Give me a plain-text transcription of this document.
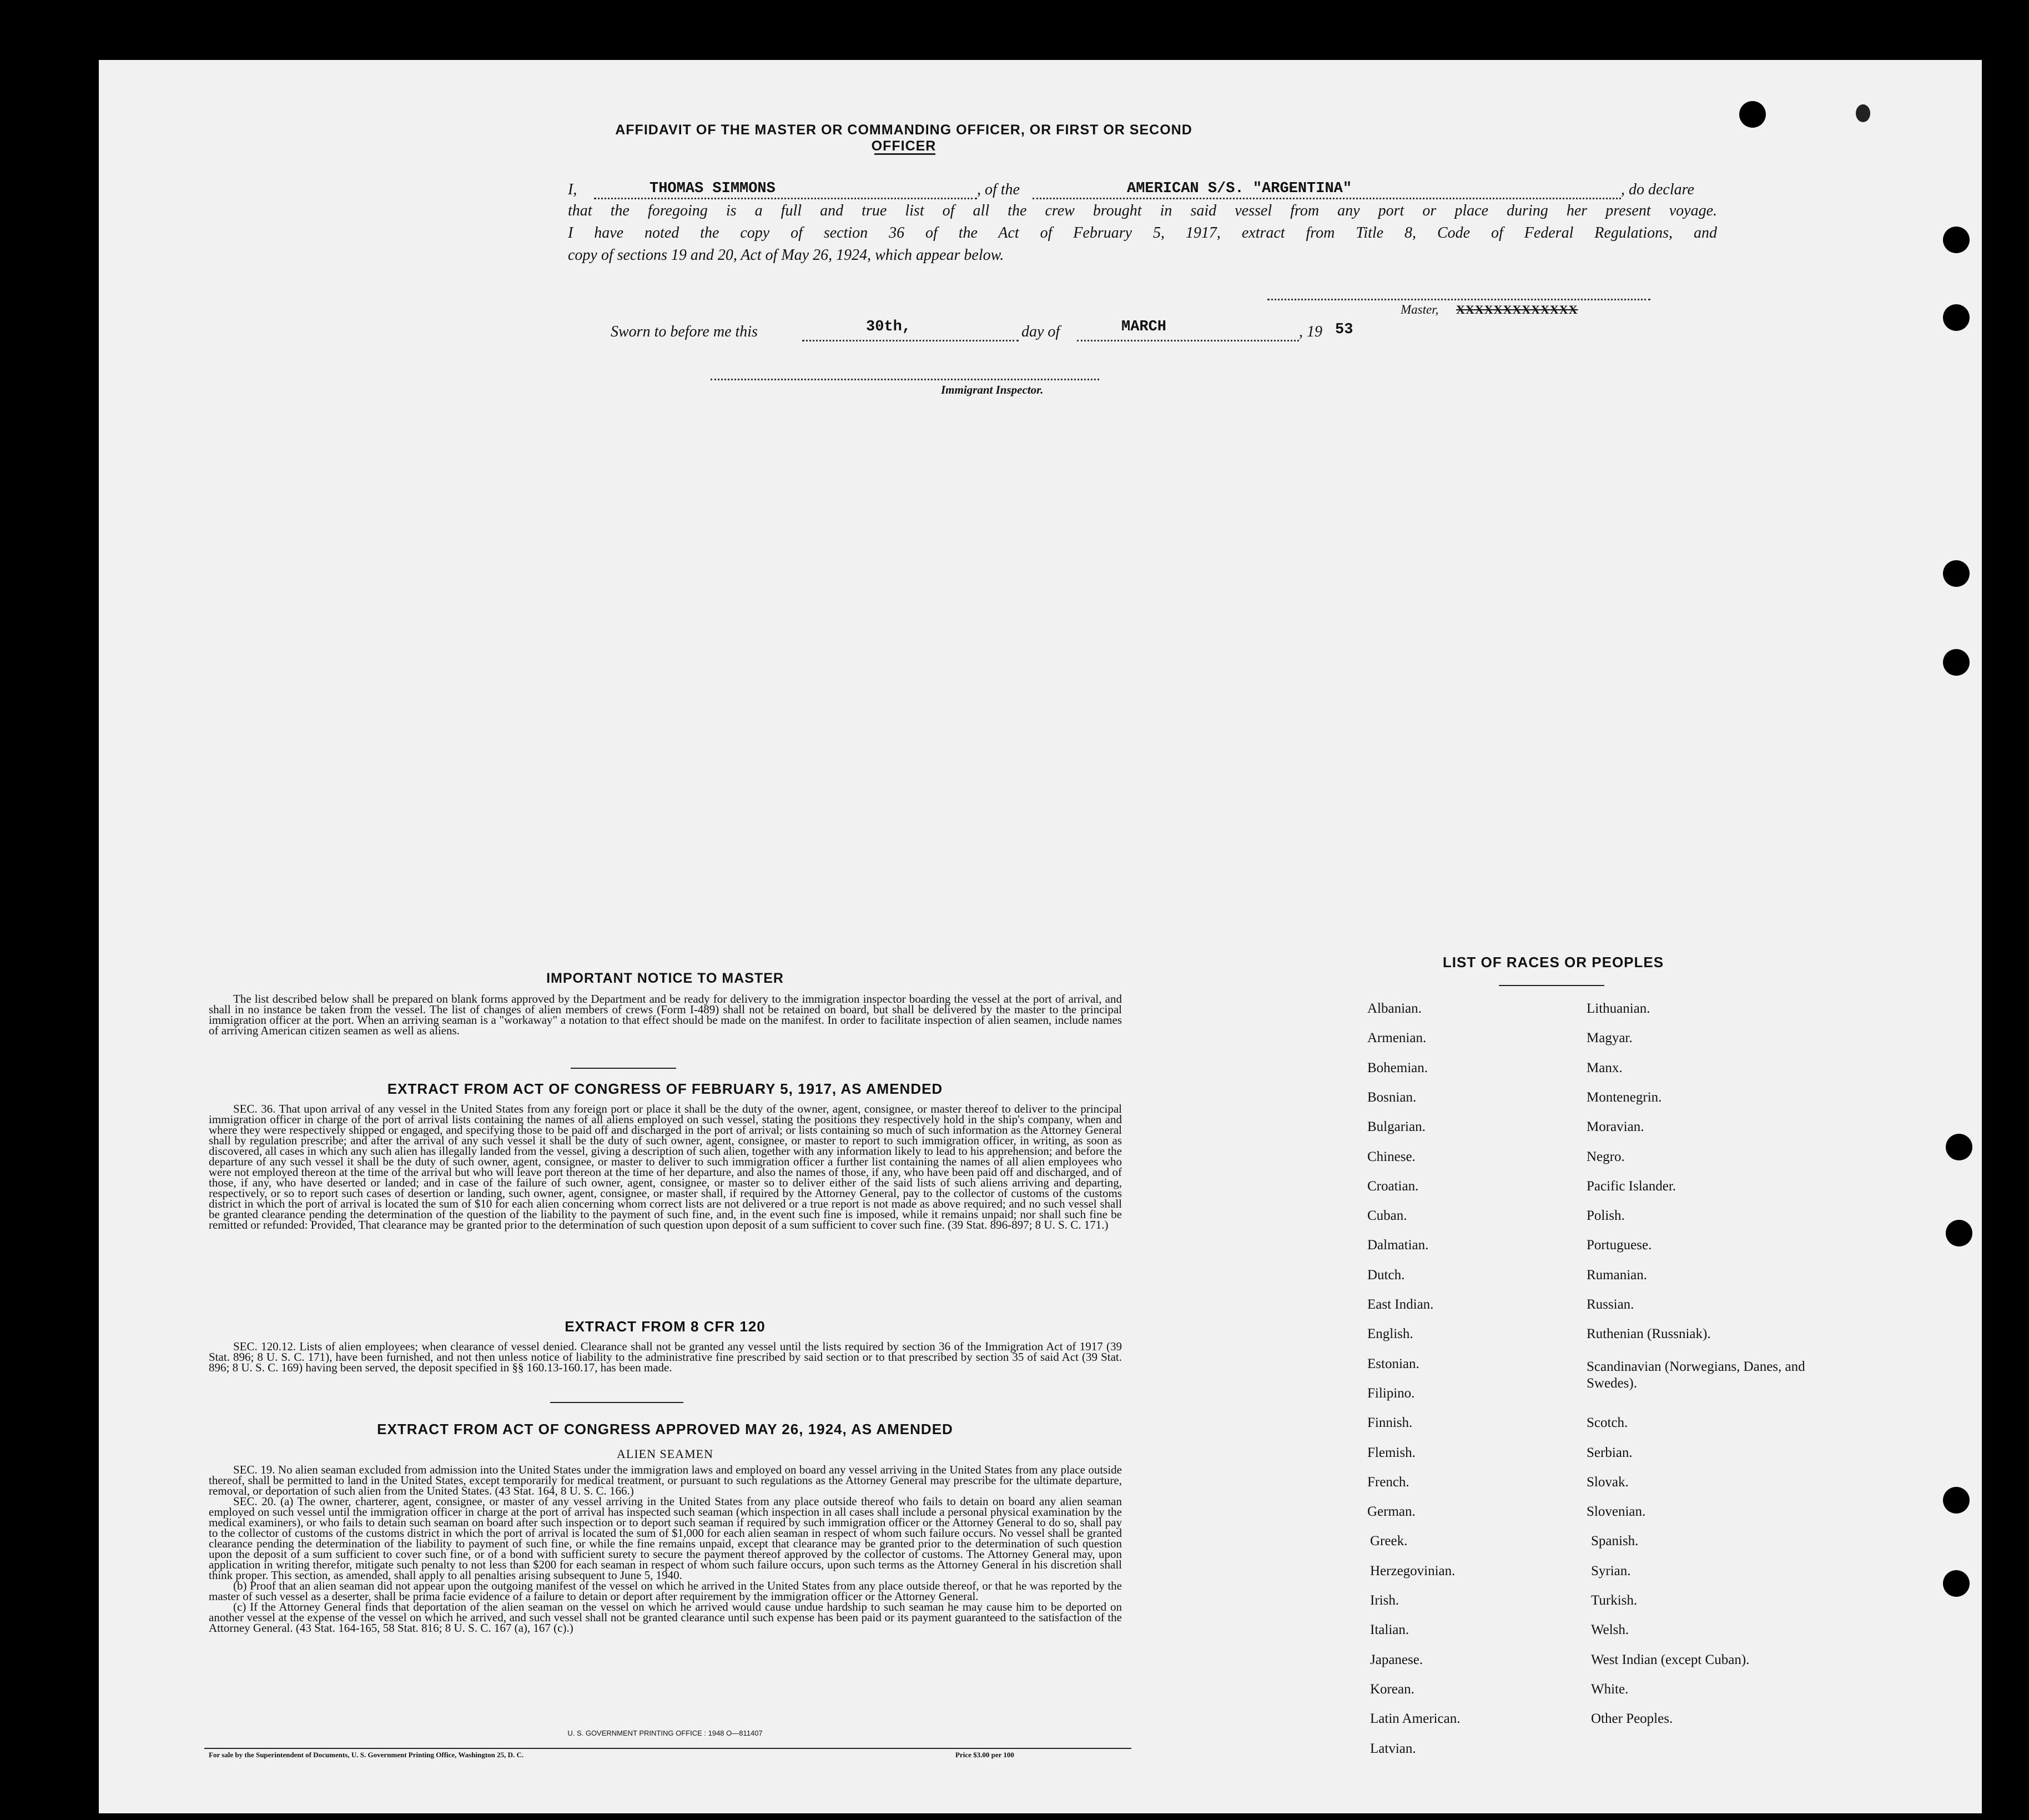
AFFIDAVIT OF THE MASTER OR COMMANDING OFFICER, OR FIRST OR SECOND OFFICER
I,	THOMAS SIMMONS	, of the	AMERICAN S/S. "ARGENTINA"	, do declare
that the foregoing is a full and true list of all the crew brought in said vessel from any port or place during her present voyage.
I have noted the copy of section 36 of the Act of February 5, 1917, extract from Title 8, Code of Federal Regulations, and
copy of sections 19 and 20, Act of May 26, 1924, which appear below.
Master, XXXXXXXXXXXXX
Sworn to before me this	30th,	day of	MARCH	, 19 53
Immigrant Inspector.
IMPORTANT NOTICE TO MASTER

The list described below shall be prepared on blank forms approved by the Department and be ready for delivery to the immigration inspector boarding the vessel at the port of arrival, and shall in no instance be taken from the vessel. The list of changes of alien members of crews (Form I-489) shall not be retained on board, but shall be delivered by the master to the principal immigration officer at the port. When an arriving seaman is a "workaway" a notation to that effect should be made on the manifest. In order to facilitate inspection of alien seamen, include names of arriving American citizen seamen as well as aliens.

EXTRACT FROM ACT OF CONGRESS OF FEBRUARY 5, 1917, AS AMENDED

SEC. 36. That upon arrival of any vessel in the United States from any foreign port or place it shall be the duty of the owner, agent, consignee, or master thereof to deliver to the principal immigration officer in charge of the port of arrival lists containing the names of all aliens employed on such vessel, stating the positions they respectively hold in the ship's company, when and where they were respectively shipped or engaged, and specifying those to be paid off and discharged in the port of arrival; or lists containing so much of such information as the Attorney General shall by regulation prescribe; and after the arrival of any such vessel it shall be the duty of such owner, agent, consignee, or master to report to such immigration officer, in writing, as soon as discovered, all cases in which any such alien has illegally landed from the vessel, giving a description of such alien, together with any information likely to lead to his apprehension; and before the departure of any such vessel it shall be the duty of such owner, agent, consignee, or master to deliver to such immigration officer a further list containing the names of all alien employees who were not employed thereon at the time of the arrival but who will leave port thereon at the time of her departure, and also the names of those, if any, who have been paid off and discharged, and of those, if any, who have deserted or landed; and in case of the failure of such owner, agent, consignee, or master so to deliver either of the said lists of such aliens arriving and departing, respectively, or so to report such cases of desertion or landing, such owner, agent, consignee, or master shall, if required by the Attorney General, pay to the collector of customs of the customs district in which the port of arrival is located the sum of $10 for each alien concerning whom correct lists are not delivered or a true report is not made as above required; and no such vessel shall be granted clearance pending the determination of the question of the liability to the payment of such fine, and, in the event such fine is imposed, while it remains unpaid; nor shall such fine be remitted or refunded: Provided, That clearance may be granted prior to the determination of such question upon deposit of a sum sufficient to cover such fine. (39 Stat. 896-897; 8 U. S. C. 171.)

EXTRACT FROM 8 CFR 120

SEC. 120.12. Lists of alien employees; when clearance of vessel denied. Clearance shall not be granted any vessel until the lists required by section 36 of the Immigration Act of 1917 (39 Stat. 896; 8 U. S. C. 171), have been furnished, and not then unless notice of liability to the administrative fine prescribed by said section or to that prescribed by section 35 of said Act (39 Stat. 896; 8 U. S. C. 169) having been served, the deposit specified in §§ 160.13-160.17, has been made.

EXTRACT FROM ACT OF CONGRESS APPROVED MAY 26, 1924, AS AMENDED
ALIEN SEAMEN

SEC. 19. No alien seaman excluded from admission into the United States under the immigration laws and employed on board any vessel arriving in the United States from any place outside thereof, shall be permitted to land in the United States, except temporarily for medical treatment, or pursuant to such regulations as the Attorney General may prescribe for the ultimate departure, removal, or deportation of such alien from the United States. (43 Stat. 164, 8 U. S. C. 166.)

SEC. 20. (a) The owner, charterer, agent, consignee, or master of any vessel arriving in the United States from any place outside thereof who fails to detain on board any alien seaman employed on such vessel until the immigration officer in charge at the port of arrival has inspected such seaman (which inspection in all cases shall include a personal physical examination by the medical examiners), or who fails to detain such seaman on board after such inspection or to deport such seaman if required by such immigration officer or the Attorney General to do so, shall pay to the collector of customs of the customs district in which the port of arrival is located the sum of $1,000 for each alien seaman in respect of whom such failure occurs. No vessel shall be granted clearance pending the determination of the liability to payment of such fine, or while the fine remains unpaid, except that clearance may be granted prior to the determination of such question upon the deposit of a sum sufficient to cover such fine, or of a bond with sufficient surety to secure the payment thereof approved by the collector of customs. The Attorney General may, upon application in writing therefor, mitigate such penalty to not less than $200 for each seaman in respect of whom such failure occurs, upon such terms as the Attorney General in his discretion shall think proper. This section, as amended, shall apply to all penalties arising subsequent to June 5, 1940.

(b) Proof that an alien seaman did not appear upon the outgoing manifest of the vessel on which he arrived in the United States from any place outside thereof, or that he was reported by the master of such vessel as a deserter, shall be prima facie evidence of a failure to detain or deport after requirement by the immigration officer or the Attorney General.

(c) If the Attorney General finds that deportation of the alien seaman on the vessel on which he arrived would cause undue hardship to such seaman he may cause him to be deported on another vessel at the expense of the vessel on which he arrived, and such vessel shall not be granted clearance until such expense has been paid or its payment guaranteed to the satisfaction of the Attorney General. (43 Stat. 164-165, 58 Stat. 816; 8 U. S. C. 167 (a), 167 (c).)

U. S. GOVERNMENT PRINTING OFFICE : 1948 O—811407
For sale by the Superintendent of Documents, U. S. Government Printing Office, Washington 25, D. C.	Price $3.00 per 100
LIST OF RACES OR PEOPLES
Albanian.
Armenian.
Bohemian.
Bosnian.
Bulgarian.
Chinese.
Croatian.
Cuban.
Dalmatian.
Dutch.
East Indian.
English.
Estonian.
Filipino.
Finnish.
Flemish.
French.
German.
Greek.
Herzegovinian.
Irish.
Italian.
Japanese.
Korean.
Latin American.
Latvian.
Lithuanian.
Magyar.
Manx.
Montenegrin.
Moravian.
Negro.
Pacific Islander.
Polish.
Portuguese.
Rumanian.
Russian.
Ruthenian (Russniak).
Scandinavian (Norwegians, Danes, and Swedes).
Scotch.
Serbian.
Slovak.
Slovenian.
Spanish.
Syrian.
Turkish.
Welsh.
West Indian (except Cuban).
White.
Other Peoples.
